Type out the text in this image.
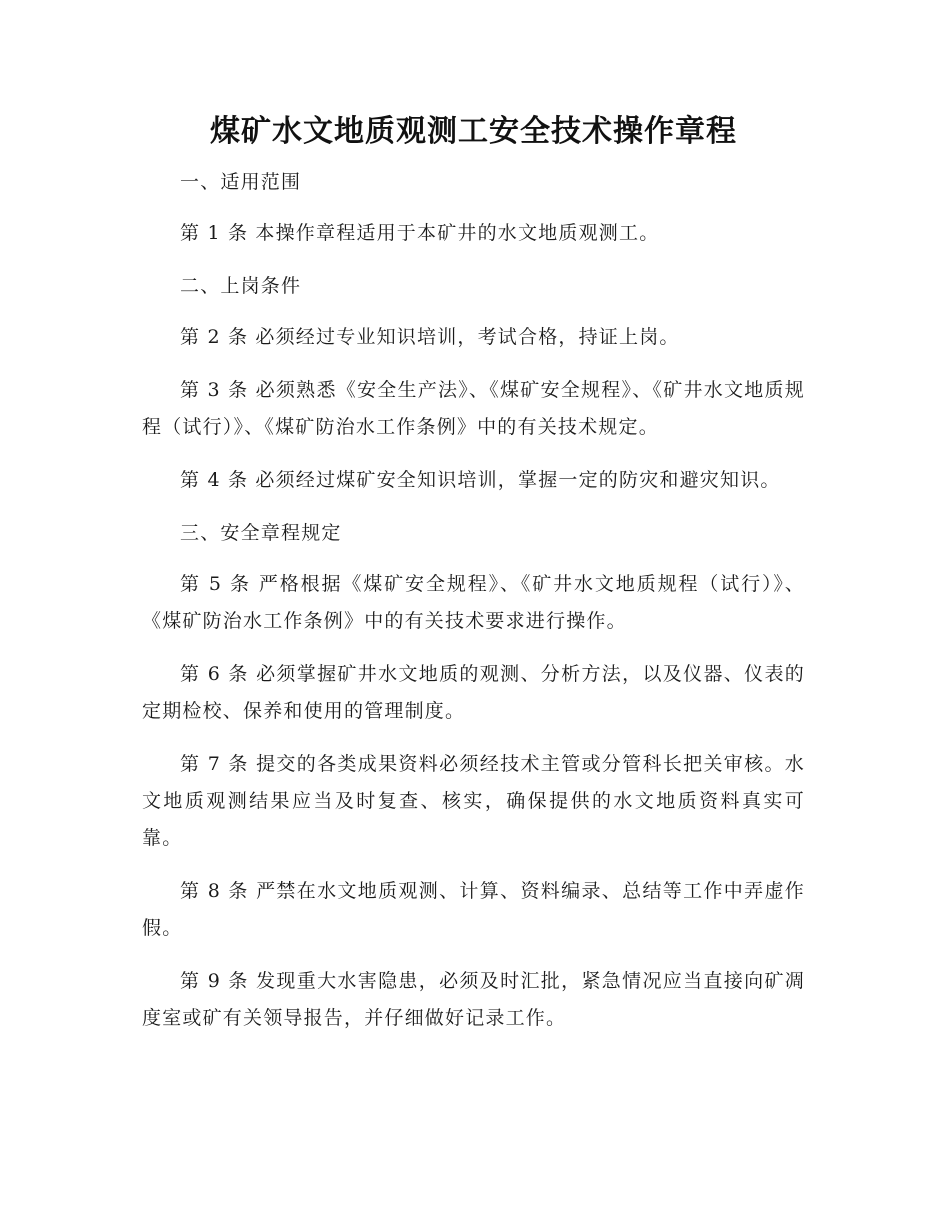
煤矿水文地质观测工安全技术操作章程

一、适用范围

第 1 条 本操作章程适用于本矿井的水文地质观测工。

二、上岗条件

第 2 条 必须经过专业知识培训，考试合格，持证上岗。

第 3 条 必须熟悉《安全生产法》、《煤矿安全规程》、《矿井水文地质规程（试行）》、《煤矿防治水工作条例》中的有关技术规定。

第 4 条 必须经过煤矿安全知识培训，掌握一定的防灾和避灾知识。

三、安全章程规定

第 5 条 严格根据《煤矿安全规程》、《矿井水文地质规程（试行）》、《煤矿防治水工作条例》中的有关技术要求进行操作。

第 6 条 必须掌握矿井水文地质的观测、分析方法，以及仪器、仪表的定期检校、保养和使用的管理制度。

第 7 条 提交的各类成果资料必须经技术主管或分管科长把关审核。水文地质观测结果应当及时复查、核实，确保提供的水文地质资料真实可靠。

第 8 条 严禁在水文地质观测、计算、资料编录、总结等工作中弄虚作假。

第 9 条 发现重大水害隐患，必须及时汇批，紧急情况应当直接向矿凋度室或矿有关领导报告，并仔细做好记录工作。
